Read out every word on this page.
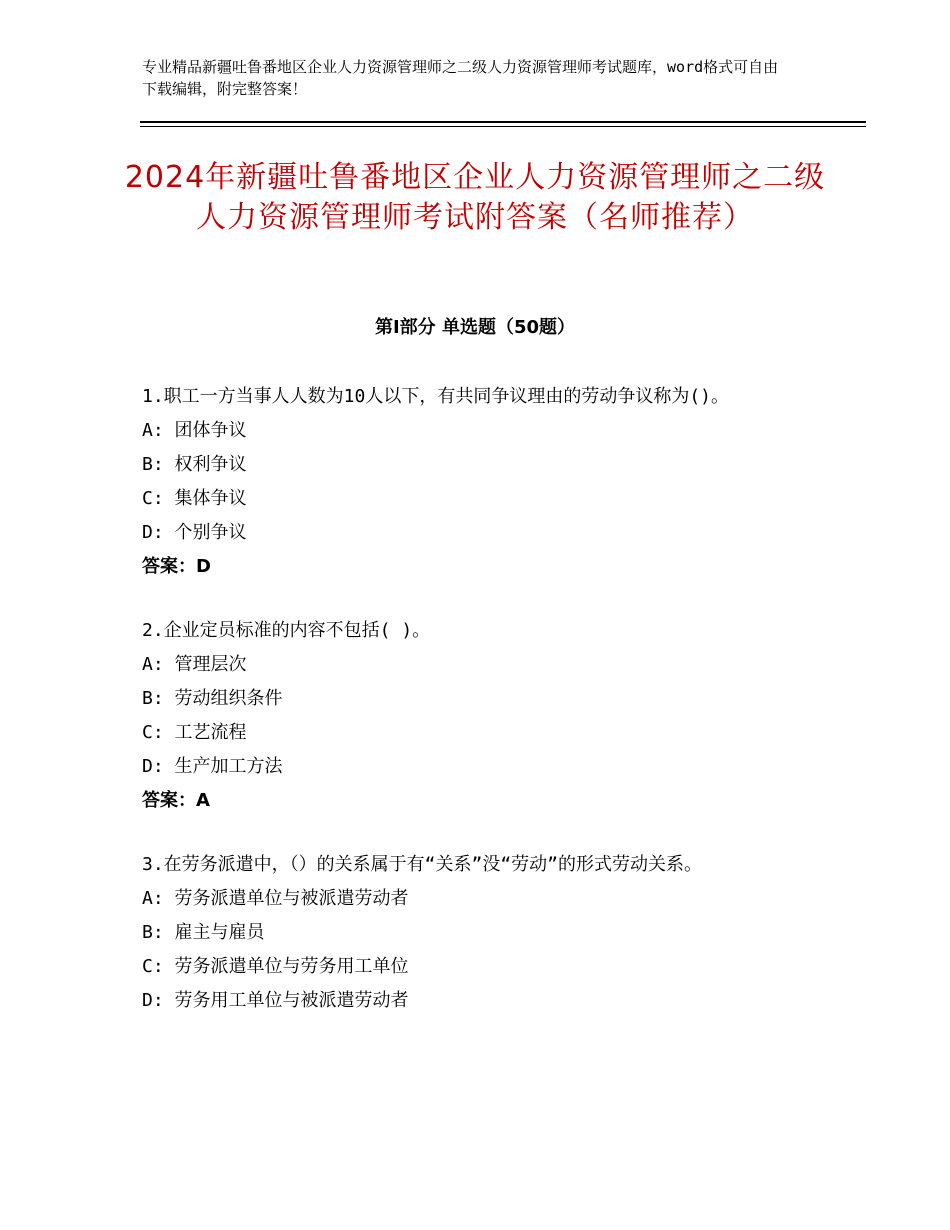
专业精品新疆吐鲁番地区企业人力资源管理师之二级人力资源管理师考试题库，word格式可自由下载编辑，附完整答案！
2024年新疆吐鲁番地区企业人力资源管理师之二级人力资源管理师考试附答案（名师推荐）
第Ⅰ部分 单选题（50题）
1.职工一方当事人人数为10人以下，有共同争议理由的劳动争议称为()。
A: 团体争议
B: 权利争议
C: 集体争议
D: 个别争议
答案：D
2.企业定员标准的内容不包括( )。
A: 管理层次
B: 劳动组织条件
C: 工艺流程
D: 生产加工方法
答案：A
3.在劳务派遣中，（）的关系属于有“关系”没“劳动”的形式劳动关系。
A: 劳务派遣单位与被派遣劳动者
B: 雇主与雇员
C: 劳务派遣单位与劳务用工单位
D: 劳务用工单位与被派遣劳动者
